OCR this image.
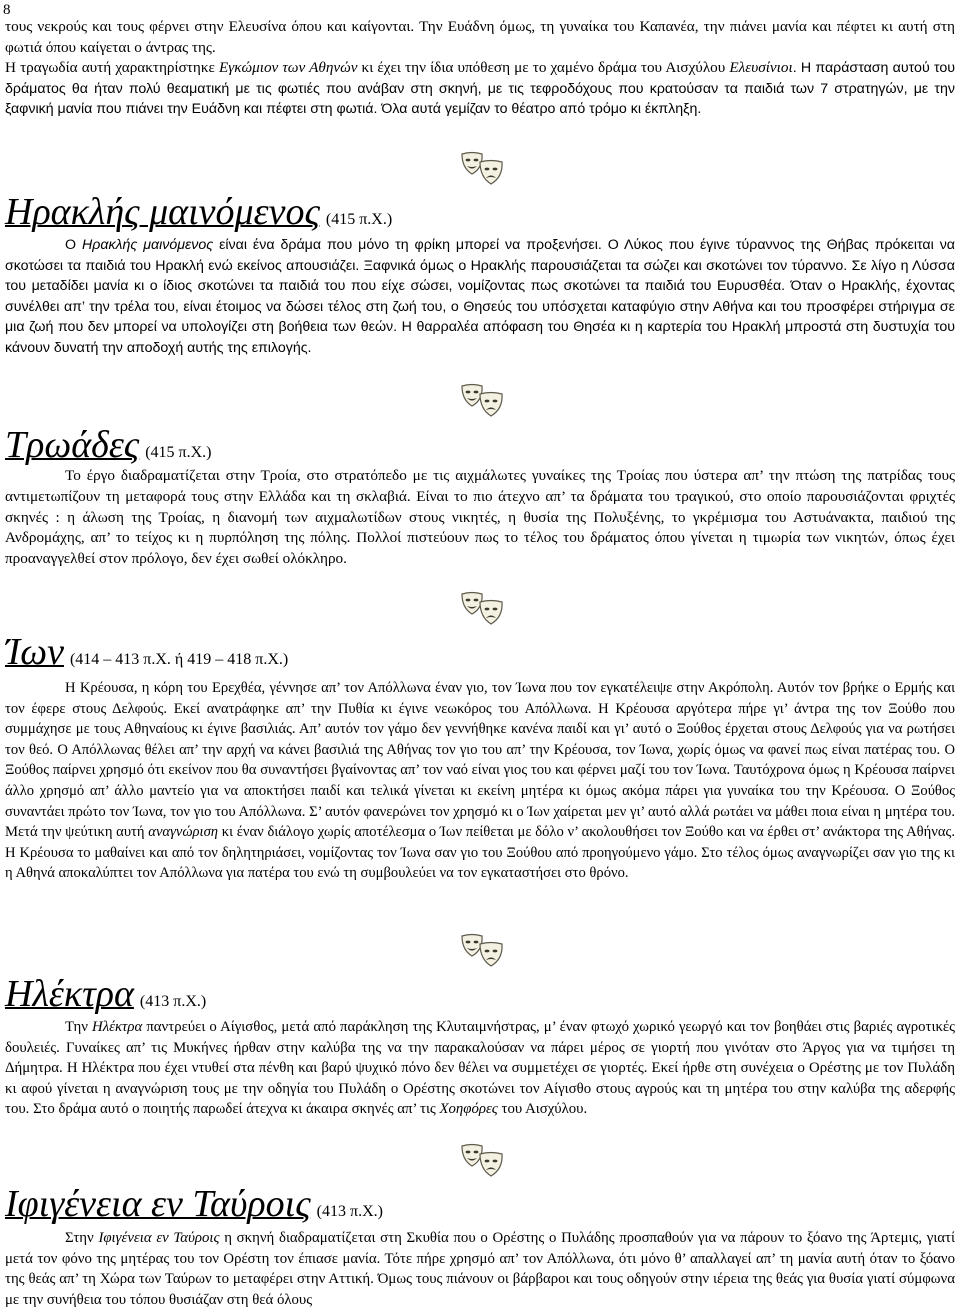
8

τους νεκρούς και τους φέρνει στην Ελευσίνα όπου και καίγονται. Την Ευάδνη όμως, τη γυναίκα του Καπανέα, την πιάνει μανία και πέφτει κι αυτή στη φωτιά όπου καίγεται ο άντρας της.

Η τραγωδία αυτή χαρακτηρίστηκε Εγκώμιον των Αθηνών κι έχει την ίδια υπόθεση με το χαμένο δράμα του Αισχύλου Ελευσίνιοι. Η παράσταση αυτού του δράματος θα ήταν πολύ θεαματική με τις φωτιές που ανάβαν στη σκηνή, με τις τεφροδόχους που κρατούσαν τα παιδιά των 7 στρατηγών, με την ξαφνική μανία που πιάνει την Ευάδνη και πέφτει στη φωτιά. Όλα αυτά γεμίζαν το θέατρο από τρόμο κι έκπληξη.

Ηρακλής μαινόμενος (415 π.Χ.)

Ο Ηρακλής μαινόμενος είναι ένα δράμα που μόνο τη φρίκη μπορεί να προξενήσει. Ο Λύκος που έγινε τύραννος της Θήβας πρόκειται να σκοτώσει τα παιδιά του Ηρακλή ενώ εκείνος απουσιάζει. Ξαφνικά όμως ο Ηρακλής παρουσιάζεται τα σώζει και σκοτώνει τον τύραννο. Σε λίγο η Λύσσα του μεταδίδει μανία κι ο ίδιος σκοτώνει τα παιδιά του που είχε σώσει, νομίζοντας πως σκοτώνει τα παιδιά του Ευρυσθέα. Όταν ο Ηρακλής, έχοντας συνέλθει απ’ την τρέλα του, είναι έτοιμος να δώσει τέλος στη ζωή του, ο Θησεύς του υπόσχεται καταφύγιο στην Αθήνα και του προσφέρει στήριγμα σε μια ζωή που δεν μπορεί να υπολογίζει στη βοήθεια των θεών. Η θαρραλέα απόφαση του Θησέα κι η καρτερία του Ηρακλή μπροστά στη δυστυχία του κάνουν δυνατή την αποδοχή αυτής της επιλογής.

Τρωάδες (415 π.Χ.)

Το έργο διαδραματίζεται στην Τροία, στο στρατόπεδο με τις αιχμάλωτες γυναίκες της Τροίας που ύστερα απ’ την πτώση της πατρίδας τους αντιμετωπίζουν τη μεταφορά τους στην Ελλάδα και τη σκλαβιά. Είναι το πιο άτεχνο απ’ τα δράματα του τραγικού, στο οποίο παρουσιάζονται φριχτές σκηνές : η άλωση της Τροίας, η διανομή των αιχμαλωτίδων στους νικητές, η θυσία της Πολυξένης, το γκρέμισμα του Αστυάνακτα, παιδιού της Ανδρομάχης, απ’ το τείχος κι η πυρπόληση της πόλης. Πολλοί πιστεύουν πως το τέλος του δράματος όπου γίνεται η τιμωρία των νικητών, όπως έχει προαναγγελθεί στον πρόλογο, δεν έχει σωθεί ολόκληρο.

Ίων (414 – 413 π.Χ. ή 419 – 418 π.Χ.)

Η Κρέουσα, η κόρη του Ερεχθέα, γέννησε απ’ τον Απόλλωνα έναν γιο, τον Ίωνα που τον εγκατέλειψε στην Ακρόπολη. Αυτόν τον βρήκε ο Ερμής και τον έφερε στους Δελφούς. Εκεί ανατράφηκε απ’ την Πυθία κι έγινε νεωκόρος του Απόλλωνα. Η Κρέουσα αργότερα πήρε γι’ άντρα της τον Ξούθο που συμμάχησε με τους Αθηναίους κι έγινε βασιλιάς. Απ’ αυτόν τον γάμο δεν γεννήθηκε κανένα παιδί και γι’ αυτό ο Ξούθος έρχεται στους Δελφούς για να ρωτήσει τον θεό. Ο Απόλλωνας θέλει απ’ την αρχή να κάνει βασιλιά της Αθήνας τον γιο του απ’ την Κρέουσα, τον Ίωνα, χωρίς όμως να φανεί πως είναι πατέρας του. Ο Ξούθος παίρνει χρησμό ότι εκείνον που θα συναντήσει βγαίνοντας απ’ τον ναό είναι γιος του και φέρνει μαζί του τον Ίωνα. Ταυτόχρονα όμως η Κρέουσα παίρνει άλλο χρησμό απ’ άλλο μαντείο για να αποκτήσει παιδί και τελικά γίνεται κι εκείνη μητέρα κι όμως ακόμα πάρει για γυναίκα του την Κρέουσα. Ο Ξούθος συναντάει πρώτο τον Ίωνα, τον γιο του Απόλλωνα. Σ’ αυτόν φανερώνει τον χρησμό κι ο Ίων χαίρεται μεν γι’ αυτό αλλά ρωτάει να μάθει ποια είναι η μητέρα του. Μετά την ψεύτικη αυτή αναγνώριση κι έναν διάλογο χωρίς αποτέλεσμα ο Ίων πείθεται με δόλο ν’ ακολουθήσει τον Ξούθο και να έρθει στ’ ανάκτορα της Αθήνας. Η Κρέουσα το μαθαίνει και από τον δηλητηριάσει, νομίζοντας τον Ίωνα σαν γιο του Ξούθου από προηγούμενο γάμο. Στο τέλος όμως αναγνωρίζει σαν γιο της κι η Αθηνά αποκαλύπτει τον Απόλλωνα για πατέρα του ενώ τη συμβουλεύει να τον εγκαταστήσει στο θρόνο.

Ηλέκτρα (413 π.Χ.)

Την Ηλέκτρα παντρεύει ο Αίγισθος, μετά από παράκληση της Κλυταιμνήστρας, μ’ έναν φτωχό χωρικό γεωργό και τον βοηθάει στις βαριές αγροτικές δουλειές. Γυναίκες απ’ τις Μυκήνες ήρθαν στην καλύβα της να την παρακαλούσαν να πάρει μέρος σε γιορτή που γινόταν στο Άργος για να τιμήσει τη Δήμητρα. Η Ηλέκτρα που έχει ντυθεί στα πένθη και βαρύ ψυχικό πόνο δεν θέλει να συμμετέχει σε γιορτές. Εκεί ήρθε στη συνέχεια ο Ορέστης με τον Πυλάδη κι αφού γίνεται η αναγνώριση τους με την οδηγία του Πυλάδη ο Ορέστης σκοτώνει τον Αίγισθο στους αγρούς και τη μητέρα του στην καλύβα της αδερφής του. Στο δράμα αυτό ο ποιητής παρωδεί άτεχνα κι άκαιρα σκηνές απ’ τις Χοηφόρες του Αισχύλου.

Ιφιγένεια εν Ταύροις (413 π.Χ.)

Στην Ιφιγένεια εν Ταύροις η σκηνή διαδραματίζεται στη Σκυθία που ο Ορέστης ο Πυλάδης προσπαθούν για να πάρουν το ξόανο της Άρτεμις, γιατί μετά τον φόνο της μητέρας του τον Ορέστη τον έπιασε μανία. Τότε πήρε χρησμό απ’ τον Απόλλωνα, ότι μόνο θ’ απαλλαγεί απ’ τη μανία αυτή όταν το ξόανο της θεάς απ’ τη Χώρα των Ταύρων το μεταφέρει στην Αττική. Όμως τους πιάνουν οι βάρβαροι και τους οδηγούν στην ιέρεια της θεάς για θυσία γιατί σύμφωνα με την συνήθεια του τόπου θυσιάζαν στη θεά όλους
